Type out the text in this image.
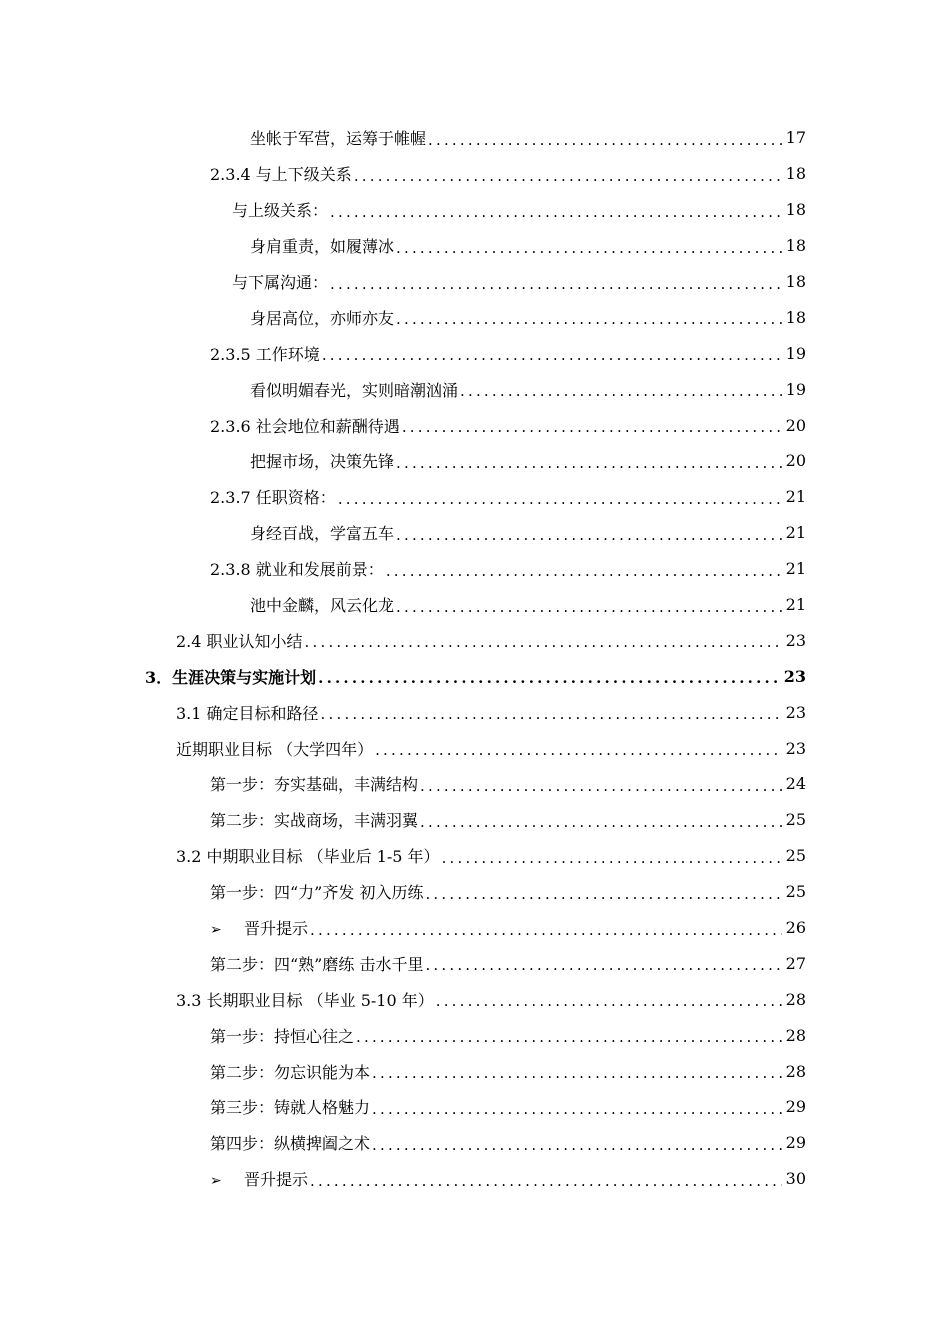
坐帐于军营，运筹于帷幄 .....	17
2.3.4 与上下级关系 .....	18
与上级关系： .....	18
身肩重责，如履薄冰 .....	18
与下属沟通： .....	18
身居高位，亦师亦友 .....	18
2.3.5 工作环境 .....	19
看似明媚春光，实则暗潮汹涌 .....	19
2.3.6 社会地位和薪酬待遇 .....	20
把握市场，决策先锋 .....	20
2.3.7 任职资格： .....	21
身经百战，学富五车 .....	21
2.3.8 就业和发展前景： .....	21
池中金麟，风云化龙 .....	21
2.4 职业认知小结 .....	23
3．生涯决策与实施计划 .....	23
3.1 确定目标和路径 .....	23
近期职业目标 （大学四年） .....	23
第一步：夯实基础，丰满结构 .....	24
第二步：实战商场，丰满羽翼 .....	25
3.2 中期职业目标 （毕业后 1-5 年） .....	25
第一步：四“力”齐发 初入历练 .....	25
➢ 晋升提示 .....	26
第二步：四“熟”磨练 击水千里 .....	27
3.3 长期职业目标 （毕业 5-10 年） .....	28
第一步：持恒心往之 .....	28
第二步：勿忘识能为本 .....	28
第三步：铸就人格魅力 .....	29
第四步：纵横捭阖之术 .....	29
➢ 晋升提示 .....	30
